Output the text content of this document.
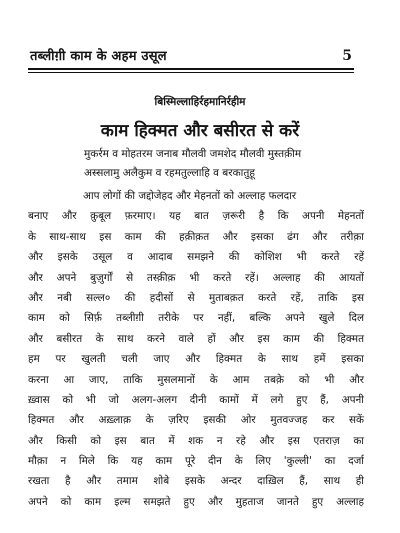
तब्लीग़ी काम के अहम उसूल	5
बिस्मिल्लाहिर्रहमानिर्रहीम
काम हिक्मत और बसीरत से करें
मुकर्रम व मोहतरम जनाब मौलवी जमशेद मौलवी मुस्तक़ीम
अस्सलामु अलैकुम व रहमतुल्लाहि व बरकातुहू
आप लोगों की जद्दोजेहद और मेहनतों को अल्लाह फलदार
बनाए और क़ुबूल फ़रमाए। यह बात ज़रूरी है कि अपनी मेहनतों
के साथ-साथ इस काम की हक़ीक़त और इसका ढंग और तरीक़ा
और इसके उसूल व आदाब समझने की कोशिश भी करते रहें
और अपने बुज़ुर्गों से तस्क़ीक़ भी करते रहें। अल्लाह की आयतों
और नबी सल्ल० की हदीसों से मुताबक़त करते रहें, ताकि इस
काम को सिर्फ़ तब्लीग़ी तरीके पर नहीं, बल्कि अपने खुले दिल
और बसीरत के साथ करने वाले हों और इस काम की हिक्मत
हम पर खुलती चली जाए और हिक्मत के साथ हमें इसका
करना आ जाए, ताकि मुसलमानों के आम तबक़े को भी और
ख़्वास को भी जो अलग-अलग दीनी कामों में लगे हुए हैं, अपनी
हिक्मत और अख़्लाक़ के ज़रिए इसकी ओर मुतवज्जह कर सकें
और किसी को इस बात में शक न रहे और इस एतराज़ का
मौक़ा न मिले कि यह काम पूरे दीन के लिए 'कुल्ली' का दर्जा
रखता है और तमाम शोबे इसके अन्दर दाख़िल हैं, साथ ही
अपने को काम इल्म समझते हुए और मुहताज जानते हुए अल्लाह
